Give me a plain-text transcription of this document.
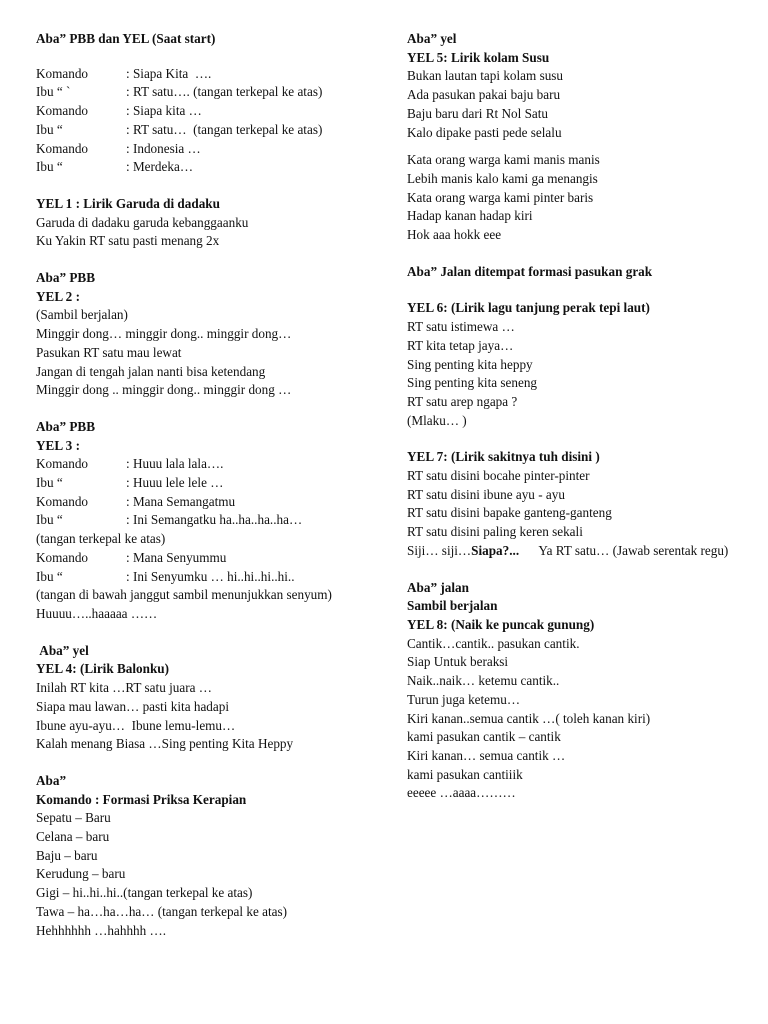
Aba” PBB dan YEL (Saat start)
Komando	: Siapa Kita  ….
Ibu “ `	: RT satu…. (tangan terkepal ke atas)
Komando	: Siapa kita …
Ibu “	: RT satu…  (tangan terkepal ke atas)
Komando	: Indonesia …
Ibu “	: Merdeka…
YEL 1 : Lirik Garuda di dadaku
Garuda di dadaku garuda kebanggaanku
Ku Yakin RT satu pasti menang 2x
Aba” PBB
YEL 2 :
(Sambil berjalan)
Minggir dong… minggir dong.. minggir dong…
Pasukan RT satu mau lewat
Jangan di tengah jalan nanti bisa ketendang
Minggir dong .. minggir dong.. minggir dong …
Aba” PBB
YEL 3 :
Komando	: Huuu lala lala….
Ibu “	: Huuu lele lele …
Komando	: Mana Semangatmu
Ibu “	: Ini Semangatku ha..ha..ha..ha…
(tangan terkepal ke atas)
Komando	: Mana Senyummu
Ibu “	: Ini Senyumku … hi..hi..hi..hi..
(tangan di bawah janggut sambil menunjukkan senyum)
Huuuu…..haaaaa ……
Aba” yel
YEL 4: (Lirik Balonku)
Inilah RT kita …RT satu juara …
Siapa mau lawan… pasti kita hadapi
Ibune ayu-ayu…  Ibune lemu-lemu…
Kalah menang Biasa …Sing penting Kita Heppy
Aba”
Komando : Formasi Priksa Kerapian
Sepatu – Baru
Celana – baru
Baju – baru
Kerudung – baru
Gigi – hi..hi..hi..(tangan terkepal ke atas)
Tawa – ha…ha…ha… (tangan terkepal ke atas)
Hehhhhhh …hahhhh ….
Aba” yel
YEL 5: Lirik kolam Susu
Bukan lautan tapi kolam susu
Ada pasukan pakai baju baru
Baju baru dari Rt Nol Satu
Kalo dipake pasti pede selalu
Kata orang warga kami manis manis
Lebih manis kalo kami ga menangis
Kata orang warga kami pinter baris
Hadap kanan hadap kiri
Hok aaa hokk eee
Aba” Jalan ditempat formasi pasukan grak
YEL 6: (Lirik lagu tanjung perak tepi laut)
RT satu istimewa …
RT kita tetap jaya…
Sing penting kita heppy
Sing penting kita seneng
RT satu arep ngapa ?
(Mlaku… )
YEL 7: (Lirik sakitnya tuh disini )
RT satu disini bocahe pinter-pinter
RT satu disini ibune ayu - ayu
RT satu disini bapake ganteng-ganteng
RT satu disini paling keren sekali
Siji… siji…Siapa?...      Ya RT satu… (Jawab serentak regu)
Aba” jalan
Sambil berjalan
YEL 8: (Naik ke puncak gunung)
Cantik…cantik.. pasukan cantik.
Siap Untuk beraksi
Naik..naik… ketemu cantik..
Turun juga ketemu…
Kiri kanan..semua cantik …( toleh kanan kiri)
kami pasukan cantik – cantik
Kiri kanan… semua cantik …
kami pasukan cantiiik
eeeee …aaaa………
